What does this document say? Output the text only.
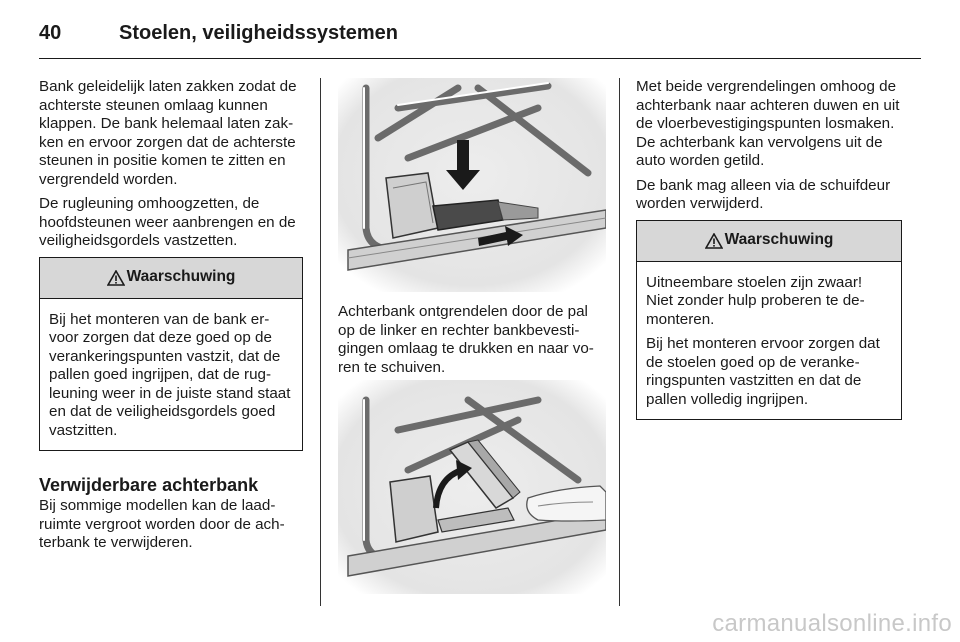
40	Stoelen, veiligheidssystemen

Bank geleidelijk laten zakken zodat de achterste steunen omlaag kunnen klappen. De bank helemaal laten zakken en ervoor zorgen dat de achterste steunen in positie komen te zitten en vergrendeld worden.

De rugleuning omhoogzetten, de hoofdsteunen weer aanbrengen en de veiligheidsgordels vastzetten.

Waarschuwing

Bij het monteren van de bank ervoor zorgen dat deze goed op de verankeringspunten vastzit, dat de pallen goed ingrijpen, dat de rugleuning weer in de juiste stand staat en dat de veiligheidsgordels goed vastzitten.

Verwijderbare achterbank

Bij sommige modellen kan de laadruimte vergroot worden door de achterbank te verwijderen.

Achterbank ontgrendelen door de pal op de linker en rechter bankbevestigingen omlaag te drukken en naar voren te schuiven.

Met beide vergrendelingen omhoog de achterbank naar achteren duwen en uit de vloerbevestigingspunten losmaken. De achterbank kan vervolgens uit de auto worden getild.

De bank mag alleen via de schuifdeur worden verwijderd.

Waarschuwing

Uitneembare stoelen zijn zwaar! Niet zonder hulp proberen te demonteren.

Bij het monteren ervoor zorgen dat de stoelen goed op de verankeringspunten vastzitten en dat de pallen volledig ingrijpen.

carmanualsonline.info
